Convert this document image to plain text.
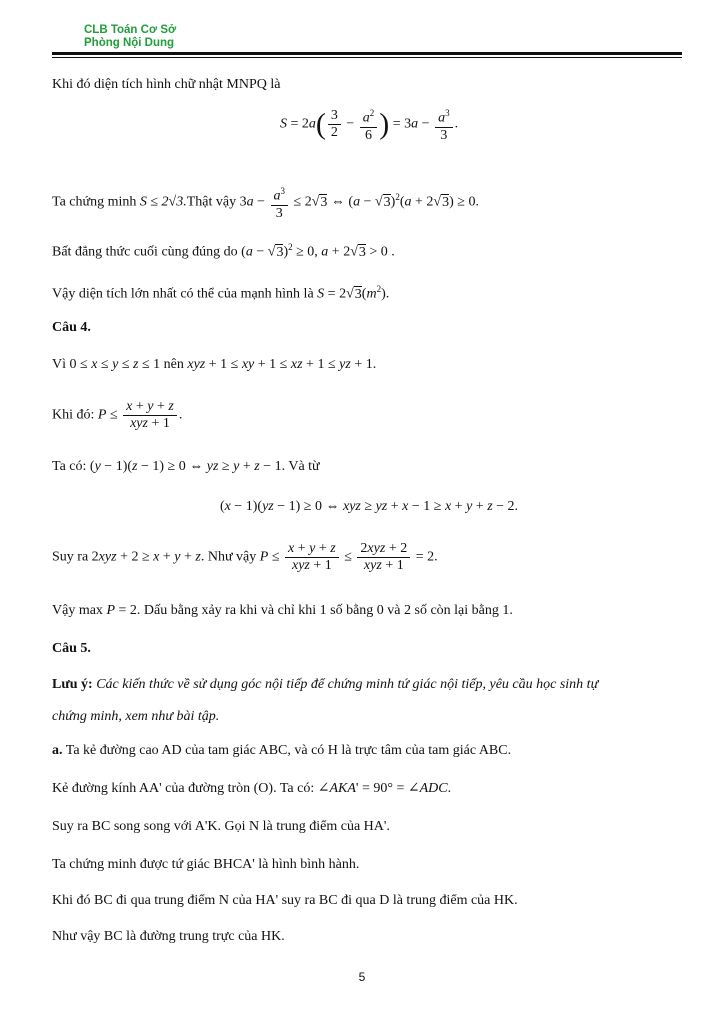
CLB Toán Cơ Sở
Phòng Nội Dung

Khi đó diện tích hình chữ nhật MNPQ là

$S = 2a( \frac{3}{2} - \frac{a^2}{6}$ ) = $3a - \frac{a^3}{3}$ .

Ta chứng minh S ≤ 2√3.Thật vậy $3a - \frac{a^3}{3} \le 2√3$ ⇔ $(a - √3)^2(a + 2√3) \ge 0$.

Bất đẳng thức cuối cùng đúng do $(a - √3)^2 \ge 0$, a + 2√3 > 0 .

Vậy diện tích lớn nhất có thể của mạnh hình là $S = 2√3(m^2)$.

Câu 4.

Vì 0 ≤ x ≤ y ≤ z ≤ 1 nên xyz + 1 ≤ xy + 1 ≤ xz + 1 ≤ yz + 1.

Khi đó: $P \le \frac{x + y + z}{\text{xyz + 1}}$ .

Ta có: (y − 1)(z − 1) ≥ 0 ⇔ yz ≥ y + z − 1. Và từ

(x − 1)(yz − 1) ≥ 0 ⇔ xyz ≥ yz + x − 1 ≥ x + y + z − 2.

Suy ra 2xyz + 2 ≥ x + y + z. Như vậy $P \le \frac{x + y + z}{\text{xyz + 1}} \le \frac{\text{2xyz + 2}}{\text{xyz + 1}} = 2$.

Vậy max P = 2. Dấu bằng xảy ra khi và chỉ khi 1 số bằng 0 và 2 số còn lại bằng 1.

Câu 5.

Lưu ý: Các kiến thức về sử dụng góc nội tiếp để chứng minh tứ giác nội tiếp, yêu cầu học sinh tự

chứng minh, xem như bài tập.

a. Ta kẻ đường cao AD của tam giác ABC, và có H là trực tâm của tam giác ABC.

Kẻ đường kính AA' của đường tròn (O). Ta có: ∠AKA' = 90° = ∠ADC.

Suy ra BC song song với A'K. Gọi N là trung điểm của HA'.

Ta chứng minh được tứ giác BHCA' là hình bình hành.

Khi đó BC đi qua trung điểm N của HA' suy ra BC đi qua D là trung điểm của HK.

Như vậy BC là đường trung trực của HK.

5
